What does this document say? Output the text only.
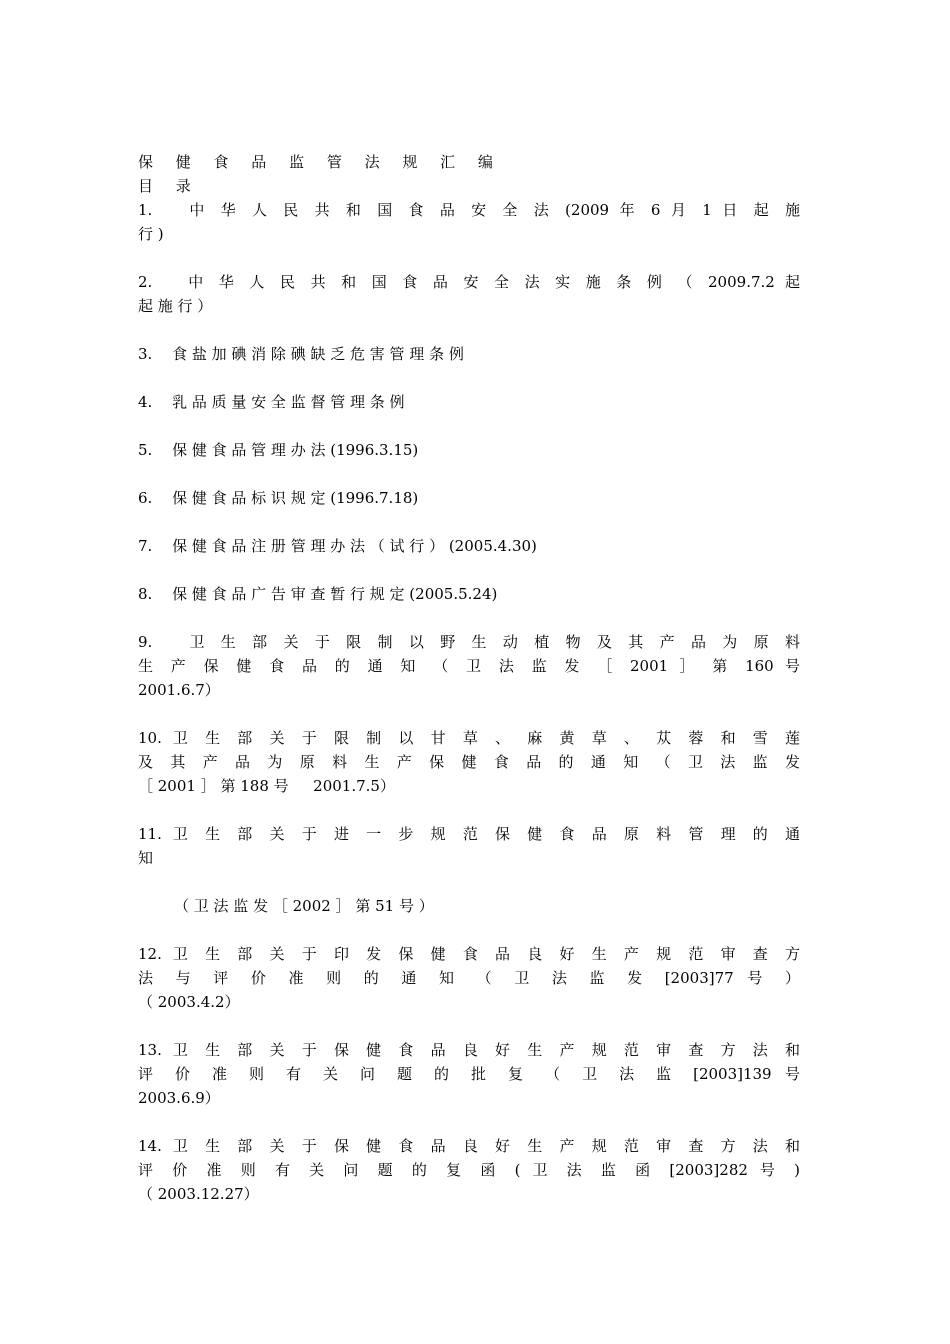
保 健 食 品 监 管 法 规 汇 编
目 录
1.　 中 华 人 民 共 和 国 食 品 安 全 法 (2009 年 6 月 1 日 起 施
行 )
2.　 中 华 人 民 共 和 国 食 品 安 全 法 实 施 条 例 （ 2009.7.2 起
起 施 行 ）
3.　 食 盐 加 碘 消 除 碘 缺 乏 危 害 管 理 条 例
4.　 乳 品 质 量 安 全 监 督 管 理 条 例
5.　 保 健 食 品 管 理 办 法 (1996.3.15)
6.　 保 健 食 品 标 识 规 定 (1996.7.18)
7.　 保 健 食 品 注 册 管 理 办 法 （ 试 行 ） (2005.4.30)
8.　 保 健 食 品 广 告 审 查 暂 行 规 定 (2005.5.24)
9.　 卫 生 部 关 于 限 制 以 野 生 动 植 物 及 其 产 品 为 原 料
生 产 保 健 食 品 的 通 知 （ 卫 法 监 发 ［ 2001 ］ 第 160 号
2001.6.7）
10. 卫 生 部 关 于 限 制 以 甘 草 、 麻 黄 草 、 苁 蓉 和 雪 莲
及 其 产 品 为 原 料 生 产 保 健 食 品 的 通 知 （ 卫 法 监 发
［ 2001 ］ 第 188 号 　 2001.7.5）
11. 卫 生 部 关 于 进 一 步 规 范 保 健 食 品 原 料 管 理 的 通
知
（ 卫 法 监 发 ［ 2002 ］ 第 51 号 ）
12. 卫 生 部 关 于 印 发 保 健 食 品 良 好 生 产 规 范 审 查 方
法 与 评 价 准 则 的 通 知 （ 卫 法 监 发 [2003]77 号 ）
（ 2003.4.2）
13. 卫 生 部 关 于 保 健 食 品 良 好 生 产 规 范 审 查 方 法 和
评 价 准 则 有 关 问 题 的 批 复 （ 卫 法 监 [2003]139 号
2003.6.9）
14. 卫 生 部 关 于 保 健 食 品 良 好 生 产 规 范 审 查 方 法 和
评 价 准 则 有 关 问 题 的 复 函 ( 卫 法 监 函 [2003]282 号 )
（ 2003.12.27）
